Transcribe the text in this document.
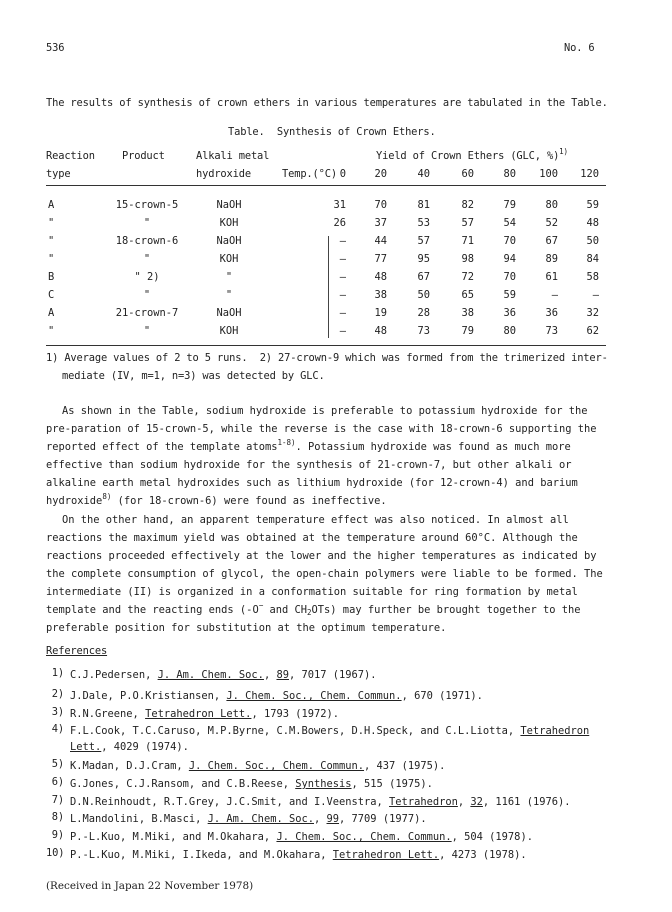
536	No. 6
The results of synthesis of crown ethers in various temperatures are tabulated in the Table.
Table.  Synthesis of Crown Ethers.
Reaction
type
Product	Alkali metal
hydroxide	Temp.(°C)
Yield of Crown Ethers (GLC, %)$^{1)}$
0	20	40	60	80	100	120
A	15-crown-5	NaOH	31	70	81	82	79	80	59
"	"	KOH	26	37	53	57	54	52	48
"	18-crown-6	NaOH	—	44	57	71	70	67	50
"	"	KOH	—	77	95	98	94	89	84
B	" 2)	"	—	48	67	72	70	61	58
C	"	"	—	38	50	65	59	—	—
A	21-crown-7	NaOH	—	19	28	38	36	36	32
"	"	KOH	—	48	73	79	80	73	62
1) Average values of 2 to 5 runs.  2) 27-crown-9 which was formed from the trimerized inter-
mediate (IV, m=1, n=3) was detected by GLC.
As shown in the Table, sodium hydroxide is preferable to potassium hydroxide for the pre-paration of 15-crown-5, while the reverse is the case with 18-crown-6 supporting the reported effect of the template atoms$^{1-8)}$. Potassium hydroxide was found as much more effective than sodium hydroxide for the synthesis of 21-crown-7, but other alkali or alkaline earth metal hydroxides such as lithium hydroxide (for 12-crown-4) and barium hydroxide$^{8)}$ (for 18-crown-6) were found as ineffective.
On the other hand, an apparent temperature effect was also noticed. In almost all reactions the maximum yield was obtained at the temperature around 60°C. Although the reactions proceeded effectively at the lower and the higher temperatures as indicated by the complete consumption of glycol, the open-chain polymers were liable to be formed. The intermediate (II) is organized in a conformation suitable for ring formation by metal template and the reacting ends (-O− and $CH_2OTs$) may further be brought together to the preferable position for substitution at the optimum temperature.
References
1) C.J.Pedersen, J. Am. Chem. Soc., 89, 7017 (1967).
2) J.Dale, P.O.Kristiansen, J. Chem. Soc., Chem. Commun., 670 (1971).
3) R.N.Greene, Tetrahedron Lett., 1793 (1972).
4) F.L.Cook, T.C.Caruso, M.P.Byrne, C.M.Bowers, D.H.Speck, and C.L.Liotta, Tetrahedron Lett., 4029 (1974).
5) K.Madan, D.J.Cram, J. Chem. Soc., Chem. Commun., 437 (1975).
6) G.Jones, C.J.Ransom, and C.B.Reese, Synthesis, 515 (1975).
7) D.N.Reinhoudt, R.T.Grey, J.C.Smit, and I.Veenstra, Tetrahedron, 32, 1161 (1976).
8) L.Mandolini, B.Masci, J. Am. Chem. Soc., 99, 7709 (1977).
9) P.-L.Kuo, M.Miki, and M.Okahara, J. Chem. Soc., Chem. Commun., 504 (1978).
10) P.-L.Kuo, M.Miki, I.Ikeda, and M.Okahara, Tetrahedron Lett., 4273 (1978).
(Received in Japan 22 November 1978)
